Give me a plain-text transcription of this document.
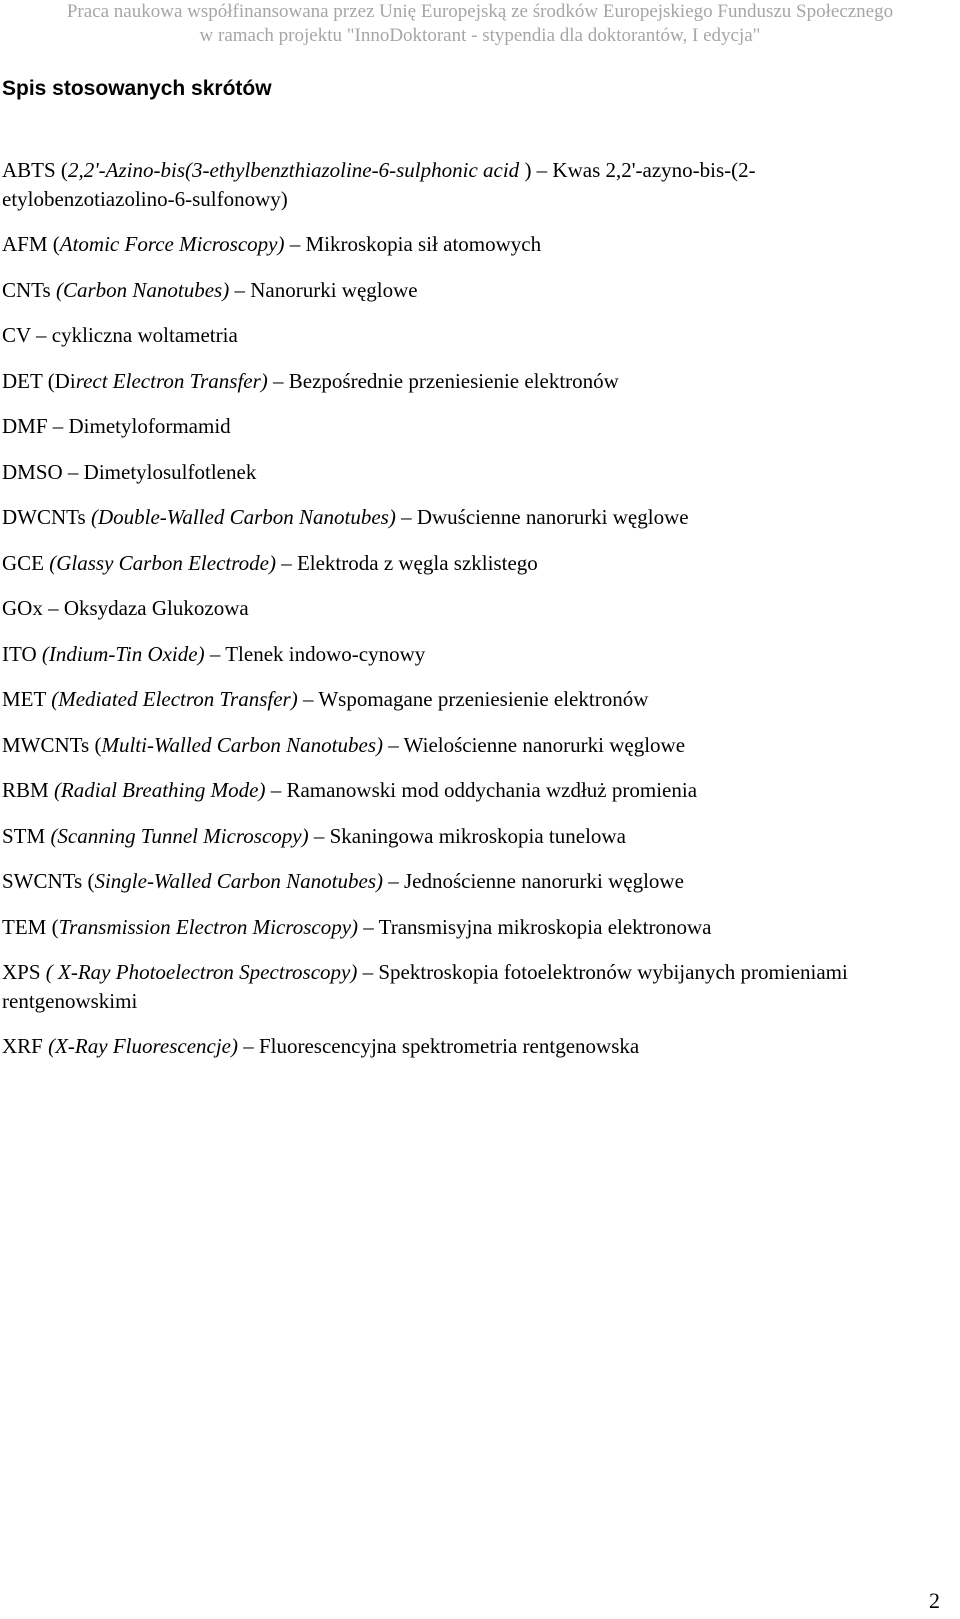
Praca naukowa współfinansowana przez Unię Europejską ze środków Europejskiego Funduszu Społecznego
w ramach projektu "InnoDoktorant - stypendia dla doktorantów, I edycja"
Spis stosowanych skrótów
ABTS (2,2'-Azino-bis(3-ethylbenzthiazoline-6-sulphonic acid ) – Kwas 2,2'-azyno-bis-(2-etylobenzotiazolino-6-sulfonowy)
AFM (Atomic Force Microscopy) – Mikroskopia sił atomowych
CNTs (Carbon Nanotubes) – Nanorurki węglowe
CV – cykliczna woltametria
DET (Direct Electron Transfer) – Bezpośrednie przeniesienie elektronów
DMF – Dimetyloformamid
DMSO – Dimetylosulfotlenek
DWCNTs (Double-Walled Carbon Nanotubes) – Dwuścienne nanorurki węglowe
GCE (Glassy Carbon Electrode) – Elektroda z węgla szklistego
GOx – Oksydaza Glukozowa
ITO (Indium-Tin Oxide) – Tlenek indowo-cynowy
MET (Mediated Electron Transfer) – Wspomagane przeniesienie elektronów
MWCNTs (Multi-Walled Carbon Nanotubes) – Wielościenne nanorurki węglowe
RBM (Radial Breathing Mode) – Ramanowski mod oddychania wzdłuż promienia
STM (Scanning Tunnel Microscopy) – Skaningowa mikroskopia tunelowa
SWCNTs (Single-Walled Carbon Nanotubes) – Jednościenne nanorurki węglowe
TEM (Transmission Electron Microscopy) – Transmisyjna mikroskopia elektronowa
XPS ( X-Ray Photoelectron Spectroscopy) – Spektroskopia fotoelektronów wybijanych promieniami rentgenowskimi
XRF (X-Ray Fluorescencje) – Fluorescencyjna spektrometria rentgenowska
2
